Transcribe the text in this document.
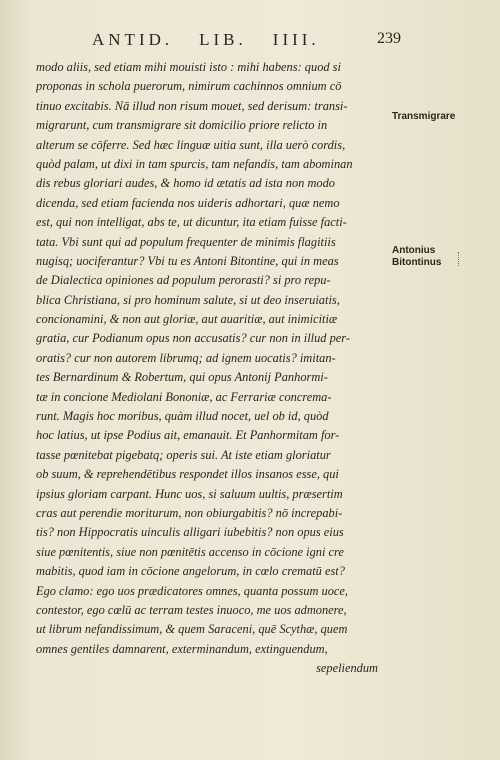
ANTID. LIB. IIII.	239
modo aliis, sed etiam mihi mouisti isto : mihi habens: quod si
proponas in schola puerorum, nimirum cachinnos omnium cō
tinuo excitabis. Nā illud non risum mouet, sed derisum: transi-
migrarunt, cum transmigrare sit domicilio priore relicto in
alterum se cōferre. Sed hæc linguæ uitia sunt, illa uerò cordis,
quòd palam, ut dixi in tam spurcis, tam nefandis, tam abominan
dis rebus gloriari audes, & homo id ætatis ad ista non modo
dicenda, sed etiam facienda nos uideris adhortari, quæ nemo
est, qui non intelligat, abs te, ut dicuntur, ita etiam fuisse facti-
tata. Vbi sunt qui ad populum frequenter de minimis flagitiis
nugisq; uociferantur? Vbi tu es Antoni Bitontine, qui in meas
de Dialectica opiniones ad populum perorasti? si pro repu-
blica Christiana, si pro hominum salute, si ut deo inseruiatis,
concionamini, & non aut gloriæ, aut auaritiæ, aut inimicitiæ
gratia, cur Podianum opus non accusatis? cur non in illud per-
oratis? cur non autorem librumq; ad ignem uocatis? imitan-
tes Bernardinum & Robertum, qui opus Antonij Panhormi-
tæ in concione Mediolani Bononiæ, ac Ferrariæ concrema-
runt. Magis hoc moribus, quàm illud nocet, uel ob id, quòd
hoc latius, ut ipse Podius ait, emanauit. Et Panhormitam for-
tasse pœnitebat pigebatq; operis sui. At iste etiam gloriatur
ob suum, & reprehendētibus respondet illos insanos esse, qui
ipsius gloriam carpant. Hunc uos, si saluum uultis, præsertim
cras aut perendie moriturum, non obiurgabitis? nō increpabi-
tis? non Hippocratis uinculis alligari iubebitis? non opus eius
siue pœnitentis, siue non pœnitētis accenso in cōcione igni cre
mabitis, quod iam in cōcione angelorum, in cœlo crematū est?
Ego clamo: ego uos prædicatores omnes, quanta possum uoce,
contestor, ego cœlū ac terram testes inuoco, me uos admonere,
ut librum nefandissimum, & quem Saraceni, quē Scythæ, quem
omnes gentiles damnarent, exterminandum, extinguendum,
sepeliendum
Transmigrare
Antonius
Bitontinus
